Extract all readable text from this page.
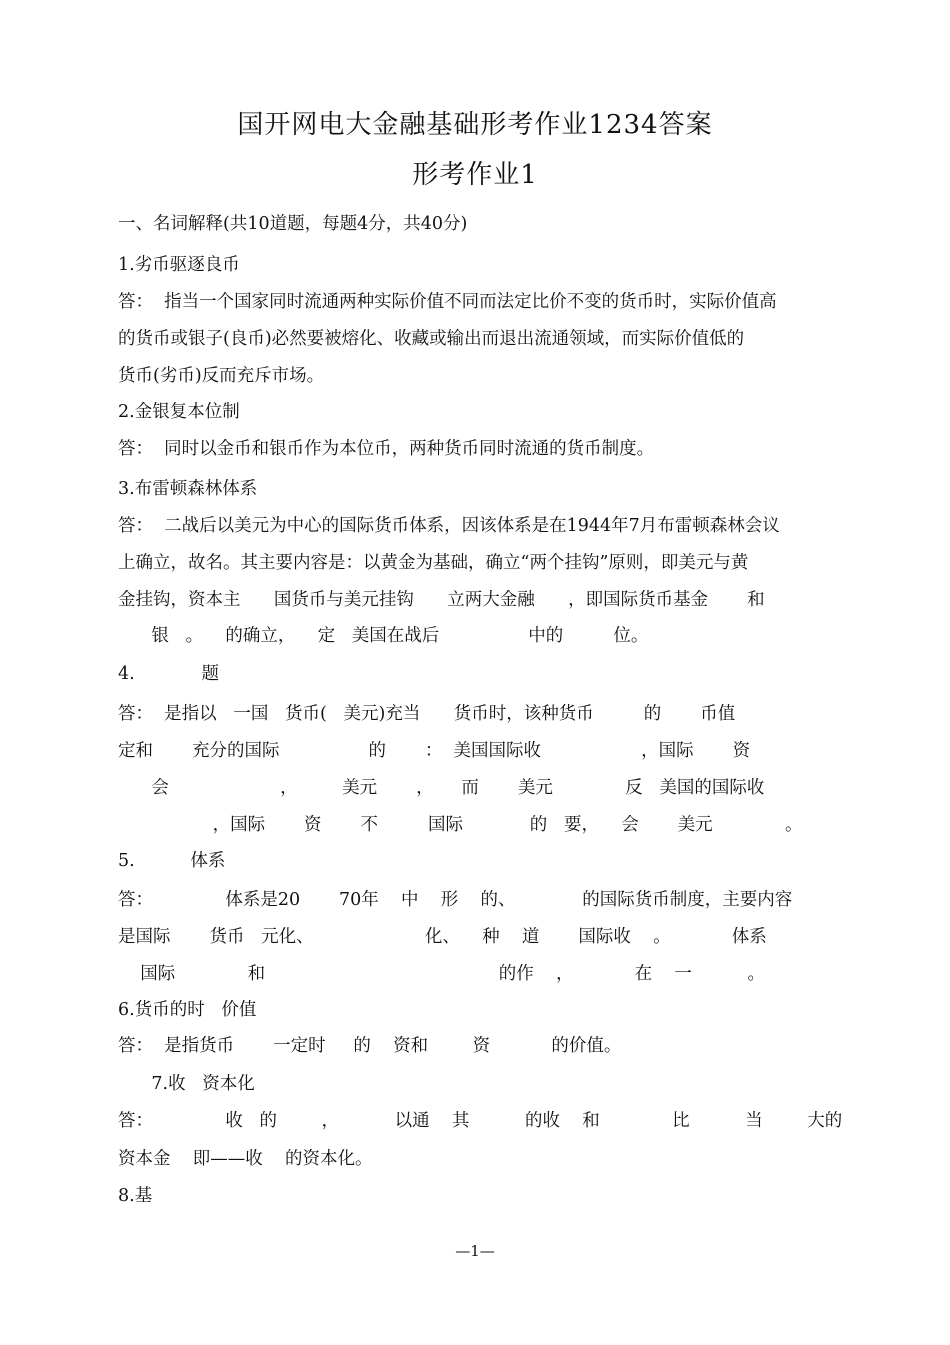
国开网电大金融基础形考作业1234答案
形考作业1
一、名词解释(共10道题，每题4分，共40分)
1.劣币驱逐良币
答：  指当一个国家同时流通两种实际价值不同而法定比价不变的货币时，实际价值高
的货币或银子(良币)必然要被熔化、收藏或输出而退出流通领域，而实际价值低的
货币(劣币)反而充斥市场。
2.金银复本位制
答：  同时以金币和银币作为本位币，两种货币同时流通的货币制度。
3.布雷顿森林体系
答：  二战后以美元为中心的国际货币体系，因该体系是在1944年7月布雷顿森林会议
上确立，故名。其主要内容是：以黄金为基础，确立“两个挂钩”原则，即美元与黄
金挂钩，资本主      国货币与美元挂钩      立两大金融      ，即国际货币基金       和
银   。    的确立，    定   美国在战后                中的         位。
4.            题
答：  是指以   一国   货币(   美元)充当      货币时，该种货币         的       币值
定和       充分的国际                的       ：  美国国际收                  ，国际       资
会                    ，        美元       ，     而       美元             反   美国的国际收
，国际       资       不         国际            的   要，    会       美元             。
5.          体系
答：             体系是20       70年    中    形    的、            的国际货币制度，主要内容
是国际       货币   元化、                    化、    种    道       国际收    。           体系
国际             和                                          的作    ，           在    一          。
6.货币的时   价值
答：  是指货币       一定时     的    资和        资           的价值。
7.收   资本化
答：             收   的        ，          以通    其          的收    和             比          当        大的
资本金    即——收    的资本化。
8.基
—1—
